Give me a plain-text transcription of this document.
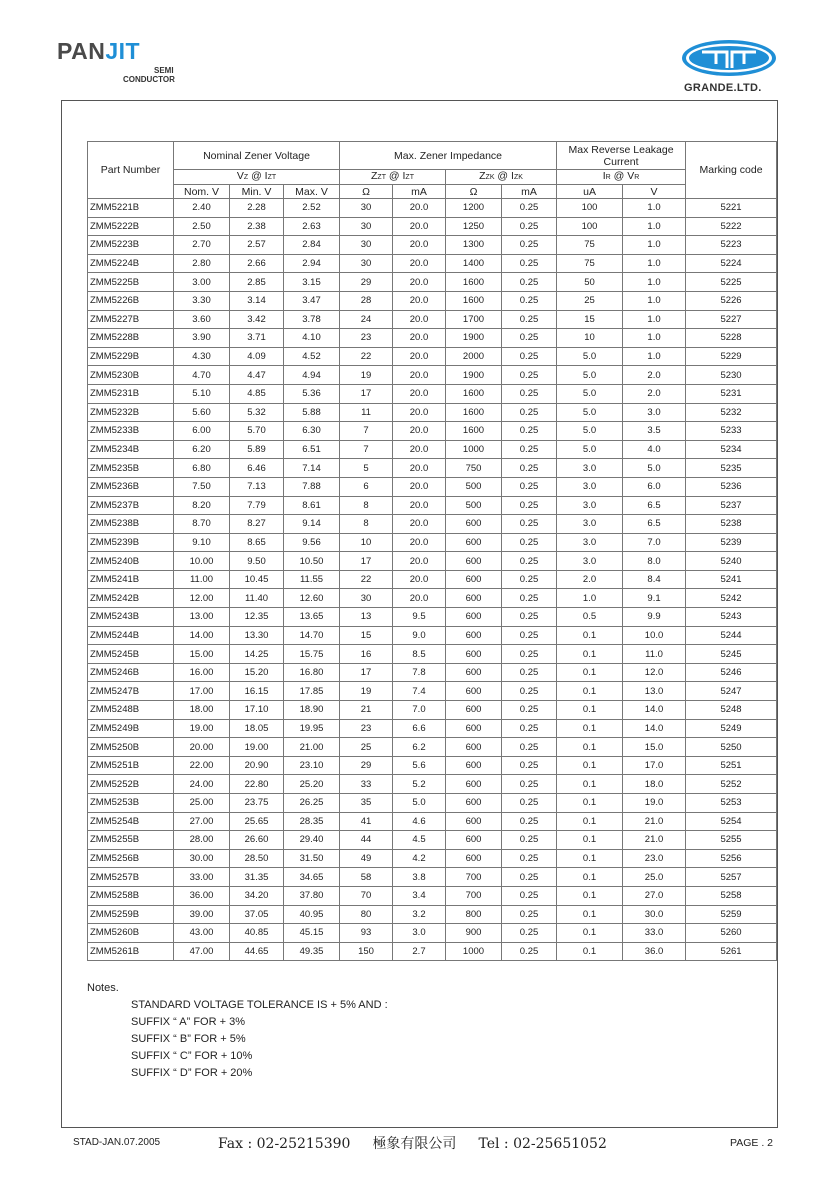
PANJIT
SEMI
CONDUCTOR
GRANDE.LTD.
Part Number	Nominal Zener Voltage			Max. Zener Impedance				Max Reverse Leakage Current		Marking code
	VZ @ IZT			ZZT @ IZT		ZZK @ IZK		IR @ VR		
	Nom. V	Min. V	Max. V	Ω	mA	Ω	mA	uA	V	
ZMM5221B	2.40	2.28	2.52	30	20.0	1200	0.25	100	1.0	5221
ZMM5222B	2.50	2.38	2.63	30	20.0	1250	0.25	100	1.0	5222
ZMM5223B	2.70	2.57	2.84	30	20.0	1300	0.25	75	1.0	5223
ZMM5224B	2.80	2.66	2.94	30	20.0	1400	0.25	75	1.0	5224
ZMM5225B	3.00	2.85	3.15	29	20.0	1600	0.25	50	1.0	5225
ZMM5226B	3.30	3.14	3.47	28	20.0	1600	0.25	25	1.0	5226
ZMM5227B	3.60	3.42	3.78	24	20.0	1700	0.25	15	1.0	5227
ZMM5228B	3.90	3.71	4.10	23	20.0	1900	0.25	10	1.0	5228
ZMM5229B	4.30	4.09	4.52	22	20.0	2000	0.25	5.0	1.0	5229
ZMM5230B	4.70	4.47	4.94	19	20.0	1900	0.25	5.0	2.0	5230
ZMM5231B	5.10	4.85	5.36	17	20.0	1600	0.25	5.0	2.0	5231
ZMM5232B	5.60	5.32	5.88	11	20.0	1600	0.25	5.0	3.0	5232
ZMM5233B	6.00	5.70	6.30	7	20.0	1600	0.25	5.0	3.5	5233
ZMM5234B	6.20	5.89	6.51	7	20.0	1000	0.25	5.0	4.0	5234
ZMM5235B	6.80	6.46	7.14	5	20.0	750	0.25	3.0	5.0	5235
ZMM5236B	7.50	7.13	7.88	6	20.0	500	0.25	3.0	6.0	5236
ZMM5237B	8.20	7.79	8.61	8	20.0	500	0.25	3.0	6.5	5237
ZMM5238B	8.70	8.27	9.14	8	20.0	600	0.25	3.0	6.5	5238
ZMM5239B	9.10	8.65	9.56	10	20.0	600	0.25	3.0	7.0	5239
ZMM5240B	10.00	9.50	10.50	17	20.0	600	0.25	3.0	8.0	5240
ZMM5241B	11.00	10.45	11.55	22	20.0	600	0.25	2.0	8.4	5241
ZMM5242B	12.00	11.40	12.60	30	20.0	600	0.25	1.0	9.1	5242
ZMM5243B	13.00	12.35	13.65	13	9.5	600	0.25	0.5	9.9	5243
ZMM5244B	14.00	13.30	14.70	15	9.0	600	0.25	0.1	10.0	5244
ZMM5245B	15.00	14.25	15.75	16	8.5	600	0.25	0.1	11.0	5245
ZMM5246B	16.00	15.20	16.80	17	7.8	600	0.25	0.1	12.0	5246
ZMM5247B	17.00	16.15	17.85	19	7.4	600	0.25	0.1	13.0	5247
ZMM5248B	18.00	17.10	18.90	21	7.0	600	0.25	0.1	14.0	5248
ZMM5249B	19.00	18.05	19.95	23	6.6	600	0.25	0.1	14.0	5249
ZMM5250B	20.00	19.00	21.00	25	6.2	600	0.25	0.1	15.0	5250
ZMM5251B	22.00	20.90	23.10	29	5.6	600	0.25	0.1	17.0	5251
ZMM5252B	24.00	22.80	25.20	33	5.2	600	0.25	0.1	18.0	5252
ZMM5253B	25.00	23.75	26.25	35	5.0	600	0.25	0.1	19.0	5253
ZMM5254B	27.00	25.65	28.35	41	4.6	600	0.25	0.1	21.0	5254
ZMM5255B	28.00	26.60	29.40	44	4.5	600	0.25	0.1	21.0	5255
ZMM5256B	30.00	28.50	31.50	49	4.2	600	0.25	0.1	23.0	5256
ZMM5257B	33.00	31.35	34.65	58	3.8	700	0.25	0.1	25.0	5257
ZMM5258B	36.00	34.20	37.80	70	3.4	700	0.25	0.1	27.0	5258
ZMM5259B	39.00	37.05	40.95	80	3.2	800	0.25	0.1	30.0	5259
ZMM5260B	43.00	40.85	45.15	93	3.0	900	0.25	0.1	33.0	5260
ZMM5261B	47.00	44.65	49.35	150	2.7	1000	0.25	0.1	36.0	5261
Notes.
STANDARD VOLTAGE TOLERANCE IS + 5% AND :
SUFFIX “ A” FOR + 3%
SUFFIX “ B” FOR + 5%
SUFFIX “ C” FOR + 10%
SUFFIX “ D” FOR + 20%
STAD-JAN.07.2005	Fax : 02-25215390 極象有限公司 Tel : 02-25651052	PAGE . 2
